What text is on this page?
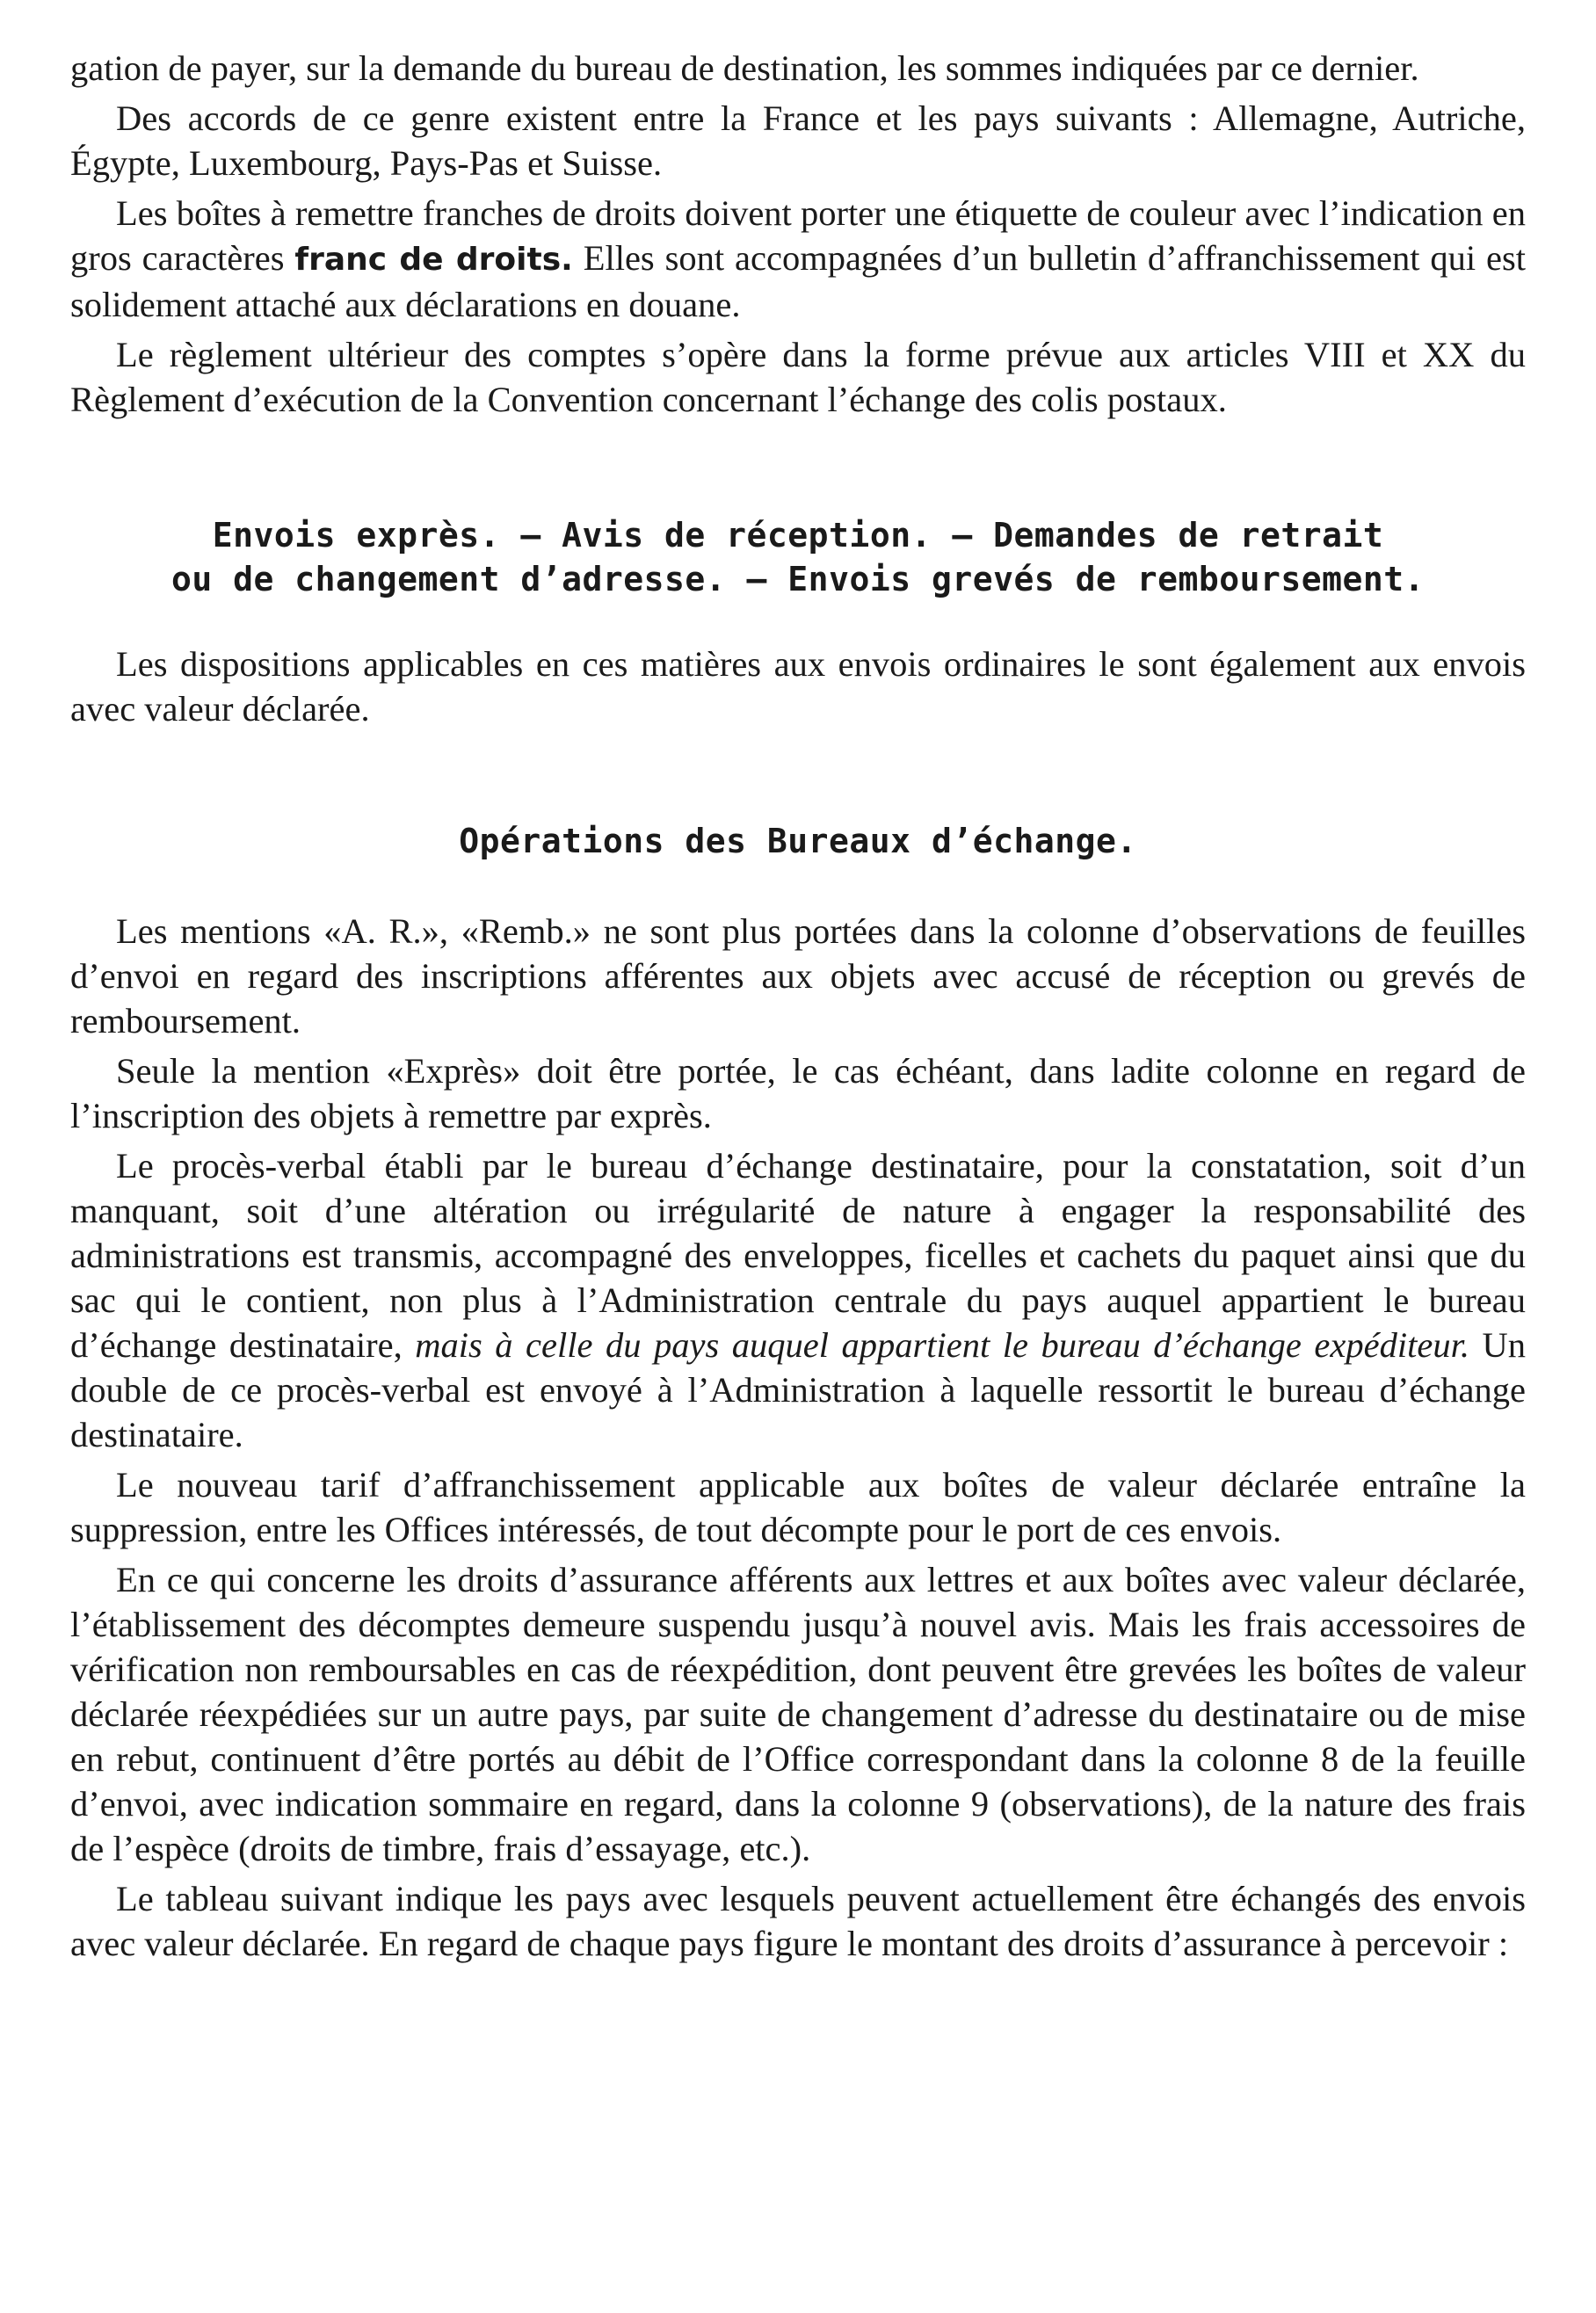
gation de payer, sur la demande du bureau de destination, les sommes indiquées par ce dernier.

Des accords de ce genre existent entre la France et les pays suivants : Allemagne, Autriche, Égypte, Luxembourg, Pays-Pas et Suisse.

Les boîtes à remettre franches de droits doivent porter une étiquette de couleur avec l’indication en gros caractères franc de droits. Elles sont accompagnées d’un bulletin d’affranchissement qui est solidement attaché aux déclarations en douane.

Le règlement ultérieur des comptes s’opère dans la forme prévue aux articles VIII et XX du Règlement d’exécution de la Convention concernant l’échange des colis postaux.

Envois exprès. — Avis de réception. — Demandes de retrait

ou de changement d’adresse. — Envois grevés de remboursement.

Les dispositions applicables en ces matières aux envois ordinaires le sont également aux envois avec valeur déclarée.

Opérations des Bureaux d’échange.

Les mentions «A. R.», «Remb.» ne sont plus portées dans la colonne d’observations de feuilles d’envoi en regard des inscriptions afférentes aux objets avec accusé de réception ou grevés de remboursement.

Seule la mention «Exprès» doit être portée, le cas échéant, dans ladite colonne en regard de l’inscription des objets à remettre par exprès.

Le procès-verbal établi par le bureau d’échange destinataire, pour la constatation, soit d’un manquant, soit d’une altération ou irrégularité de nature à engager la responsabilité des administrations est transmis, accompagné des enveloppes, ficelles et cachets du paquet ainsi que du sac qui le contient, non plus à l’Administration centrale du pays auquel appartient le bureau d’échange destinataire, mais à celle du pays auquel appartient le bureau d’échange expéditeur. Un double de ce procès-verbal est envoyé à l’Administration à laquelle ressortit le bureau d’échange destinataire.

Le nouveau tarif d’affranchissement applicable aux boîtes de valeur déclarée entraîne la suppression, entre les Offices intéressés, de tout décompte pour le port de ces envois.

En ce qui concerne les droits d’assurance afférents aux lettres et aux boîtes avec valeur déclarée, l’établissement des décomptes demeure suspendu jusqu’à nouvel avis. Mais les frais accessoires de vérification non remboursables en cas de réexpédition, dont peuvent être grevées les boîtes de valeur déclarée réexpédiées sur un autre pays, par suite de changement d’adresse du destinataire ou de mise en rebut, continuent d’être portés au débit de l’Office correspondant dans la colonne 8 de la feuille d’envoi, avec indication sommaire en regard, dans la colonne 9 (observations), de la nature des frais de l’espèce (droits de timbre, frais d’essayage, etc.).

Le tableau suivant indique les pays avec lesquels peuvent actuellement être échangés des envois avec valeur déclarée. En regard de chaque pays figure le montant des droits d’assurance à percevoir :
